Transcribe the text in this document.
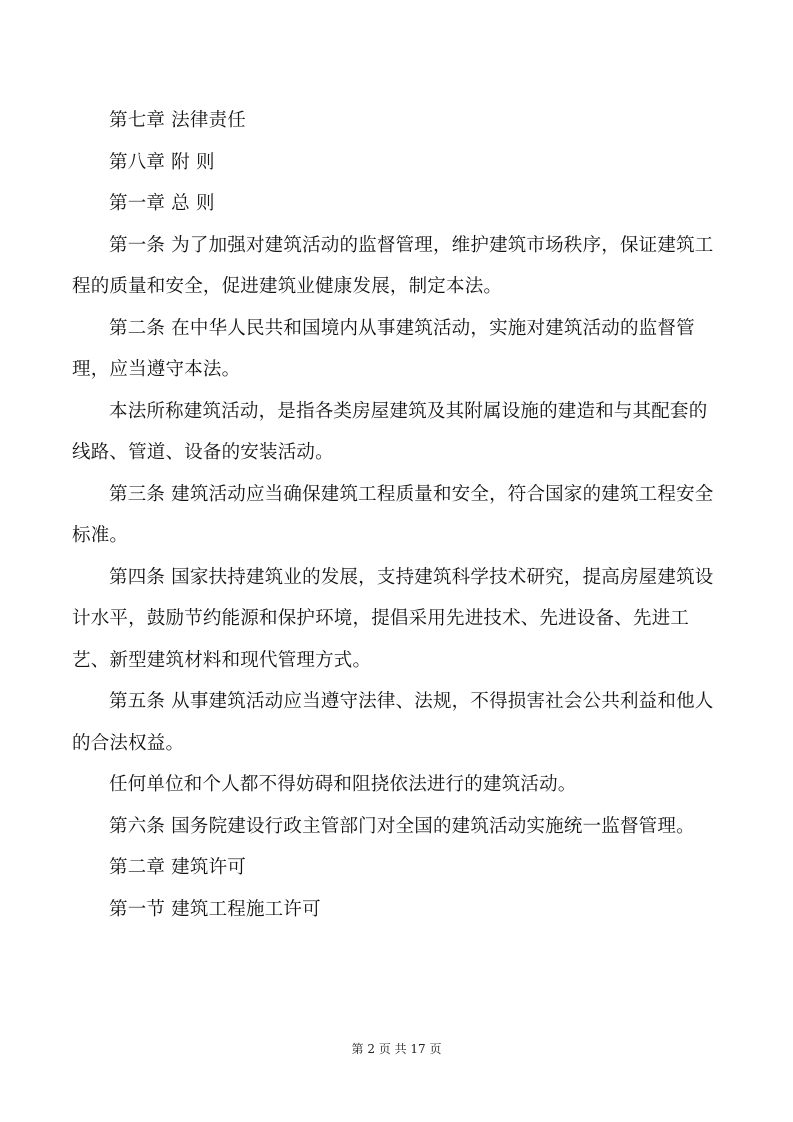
第七章 法律责任

第八章 附 则

第一章 总 则

第一条 为了加强对建筑活动的监督管理，维护建筑市场秩序，保证建筑工程的质量和安全，促进建筑业健康发展，制定本法。

第二条 在中华人民共和国境内从事建筑活动，实施对建筑活动的监督管理，应当遵守本法。

本法所称建筑活动，是指各类房屋建筑及其附属设施的建造和与其配套的线路、管道、设备的安装活动。

第三条 建筑活动应当确保建筑工程质量和安全，符合国家的建筑工程安全标准。

第四条 国家扶持建筑业的发展，支持建筑科学技术研究，提高房屋建筑设计水平，鼓励节约能源和保护环境，提倡采用先进技术、先进设备、先进工艺、新型建筑材料和现代管理方式。

第五条 从事建筑活动应当遵守法律、法规，不得损害社会公共利益和他人的合法权益。

任何单位和个人都不得妨碍和阻挠依法进行的建筑活动。

第六条 国务院建设行政主管部门对全国的建筑活动实施统一监督管理。

第二章 建筑许可

第一节 建筑工程施工许可

第 2 页 共 17 页
